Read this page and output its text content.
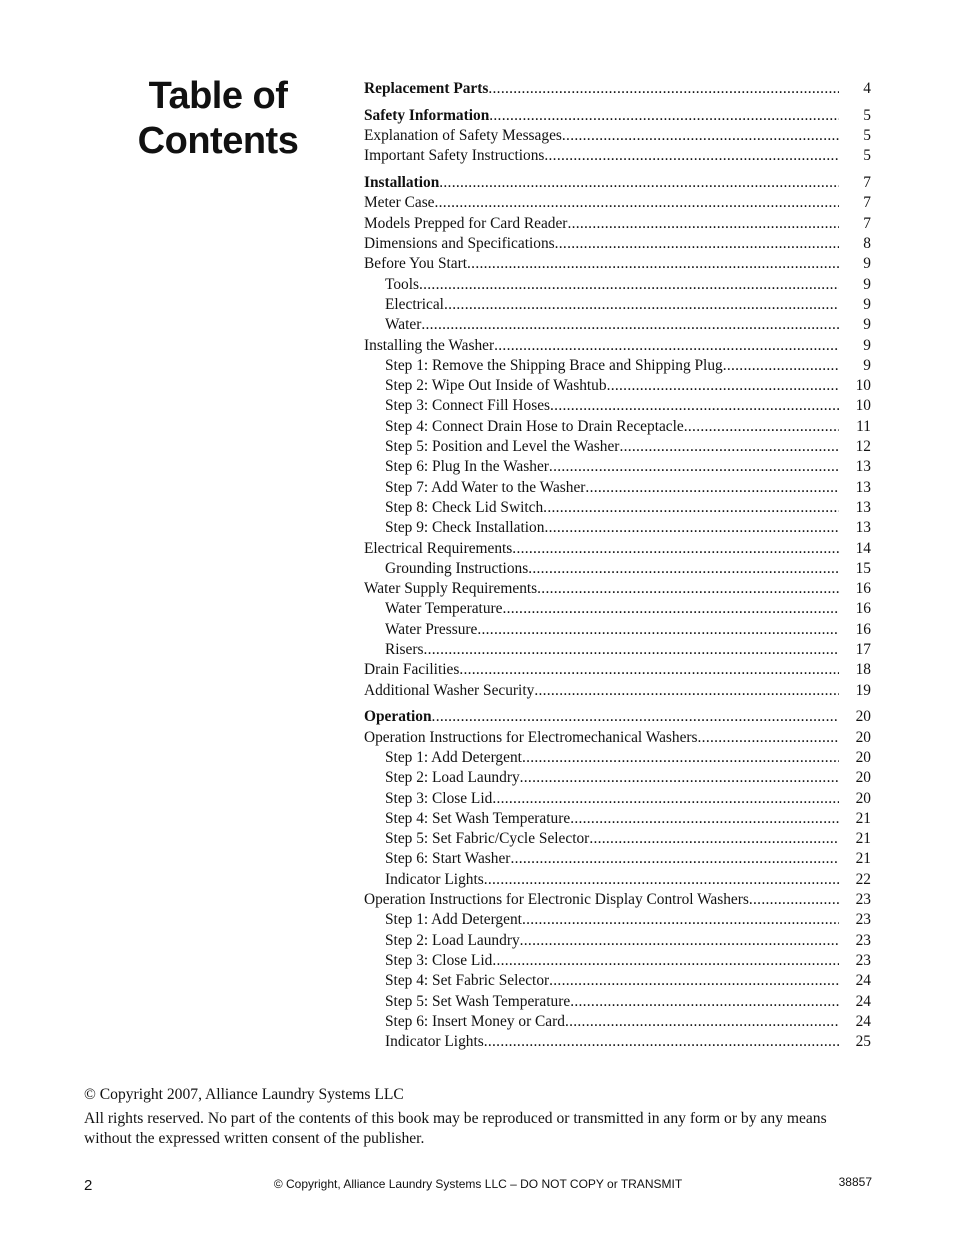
Table of
Contents
Replacement Parts .....	4
Safety Information .....	5
Explanation of Safety Messages .....	5
Important Safety Instructions .....	5
Installation .....	7
Meter Case .....	7
Models Prepped for Card Reader .....	7
Dimensions and Specifications .....	8
Before You Start .....	9
Tools .....	9
Electrical .....	9
Water .....	9
Installing the Washer .....	9
Step 1: Remove the Shipping Brace and Shipping Plug .....	9
Step 2: Wipe Out Inside of Washtub .....	10
Step 3: Connect Fill Hoses .....	10
Step 4: Connect Drain Hose to Drain Receptacle .....	11
Step 5: Position and Level the Washer .....	12
Step 6: Plug In the Washer .....	13
Step 7: Add Water to the Washer .....	13
Step 8: Check Lid Switch .....	13
Step 9: Check Installation .....	13
Electrical Requirements .....	14
Grounding Instructions .....	15
Water Supply Requirements .....	16
Water Temperature .....	16
Water Pressure .....	16
Risers .....	17
Drain Facilities .....	18
Additional Washer Security .....	19
Operation .....	20
Operation Instructions for Electromechanical Washers .....	20
Step 1: Add Detergent .....	20
Step 2: Load Laundry .....	20
Step 3: Close Lid .....	20
Step 4: Set Wash Temperature .....	21
Step 5: Set Fabric/Cycle Selector .....	21
Step 6: Start Washer .....	21
Indicator Lights .....	22
Operation Instructions for Electronic Display Control Washers .....	23
Step 1: Add Detergent .....	23
Step 2: Load Laundry .....	23
Step 3: Close Lid .....	23
Step 4: Set Fabric Selector .....	24
Step 5: Set Wash Temperature .....	24
Step 6: Insert Money or Card .....	24
Indicator Lights .....	25

© Copyright 2007, Alliance Laundry Systems LLC

All rights reserved. No part of the contents of this book may be reproduced or transmitted in any form or by any means without the expressed written consent of the publisher.

2	© Copyright, Alliance Laundry Systems LLC – DO NOT COPY or TRANSMIT	38857
